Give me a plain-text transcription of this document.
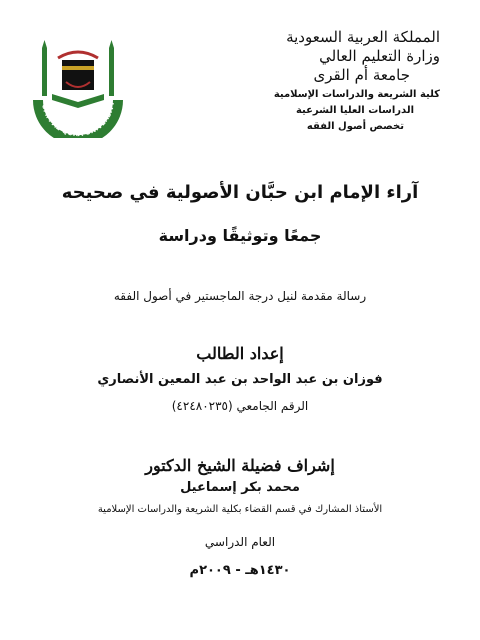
UMM AL-QURA UNIVERSITY
المملكة العربية السعودية
وزارة التعليم العالي
جامعة أم القرى
كلية الشريعة والدراسات الإسلامية
الدراسات العليا الشرعية
تخصص أصول الفقه
آراء الإمام ابن حبَّان الأصولية في صحيحه
جمعًا وتوثيقًا ودراسة
رسالة مقدمة لنيل درجة الماجستير في أصول الفقه
إعداد الطالب
فوزان بن عبد الواحد بن عبد المعين الأنصاري
الرقم الجامعي (٤٢٤٨٠٢٣٥)
إشراف فضيلة الشيخ الدكتور
محمد بكر إسماعيل
الأستاذ المشارك في قسم القضاء بكلية الشريعة والدراسات الإسلامية
العام الدراسي
١٤٣٠هـ - ٢٠٠٩م
